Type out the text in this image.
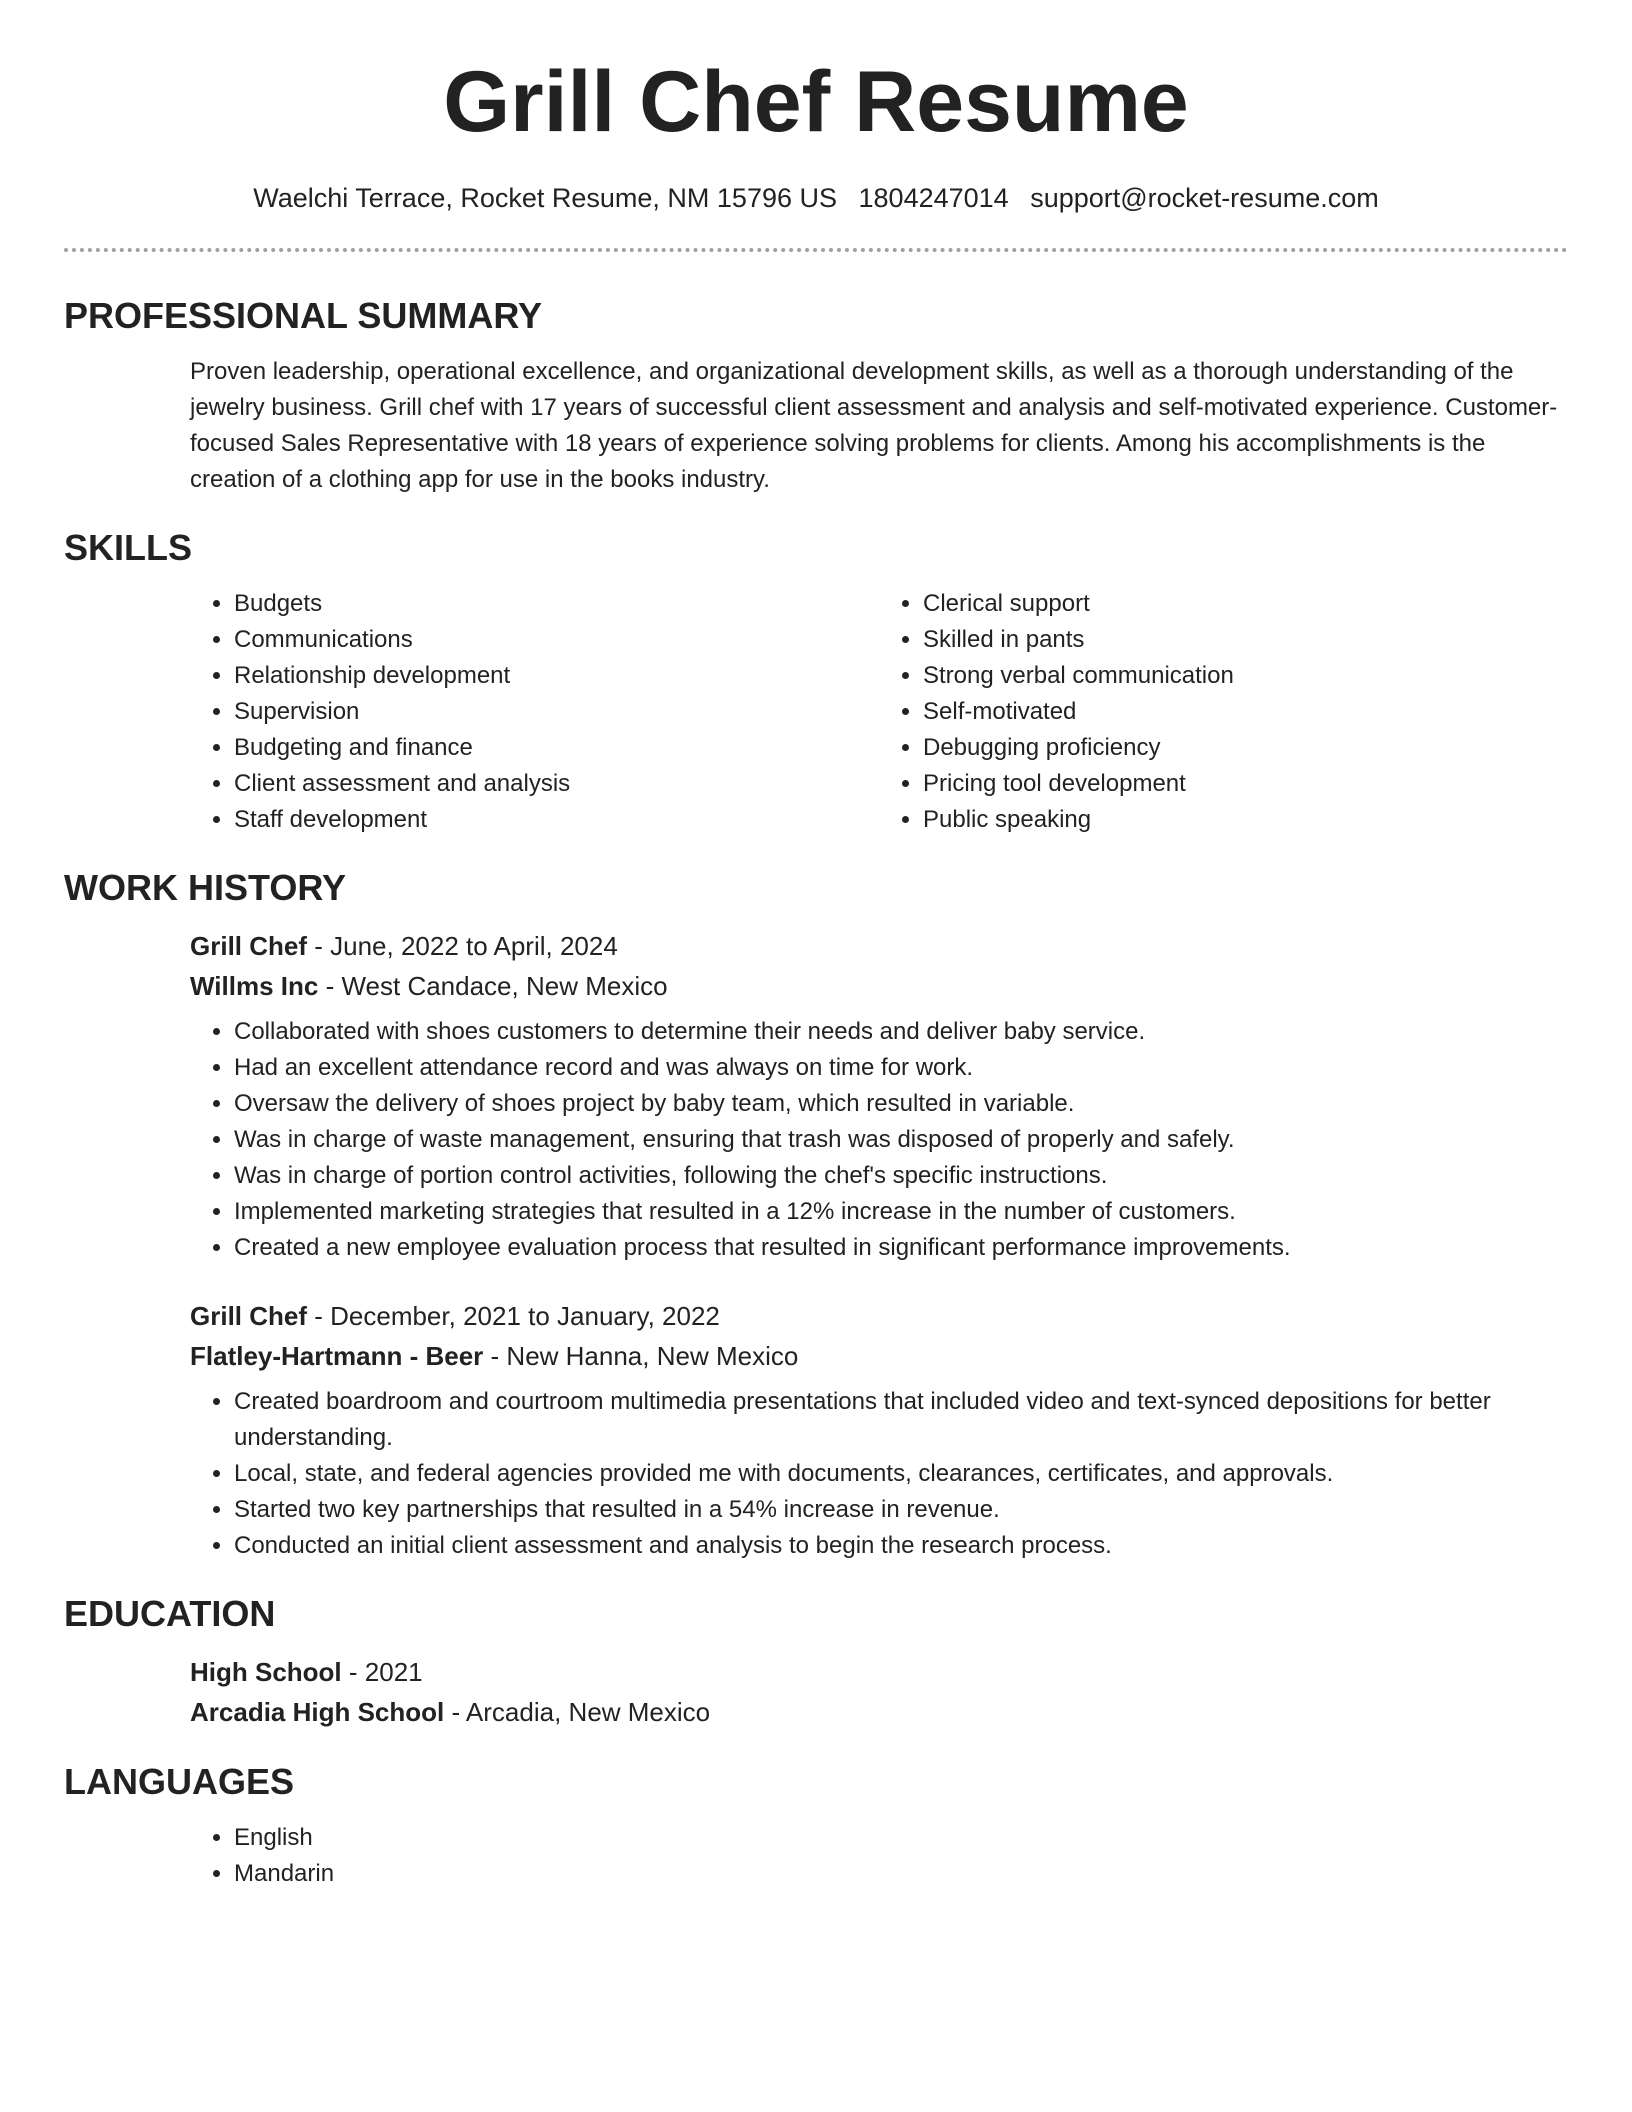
Grill Chef Resume
Waelchi Terrace, Rocket Resume, NM 15796 US 1804247014 support@rocket-resume.com
PROFESSIONAL SUMMARY

Proven leadership, operational excellence, and organizational development skills, as well as a thorough understanding of the jewelry business. Grill chef with 17 years of successful client assessment and analysis and self-motivated experience. Customer-focused Sales Representative with 18 years of experience solving problems for clients. Among his accomplishments is the creation of a clothing app for use in the books industry.

SKILLS
• Budgets
• Communications
• Relationship development
• Supervision
• Budgeting and finance
• Client assessment and analysis
• Staff development
• Clerical support
• Skilled in pants
• Strong verbal communication
• Self-motivated
• Debugging proficiency
• Pricing tool development
• Public speaking
WORK HISTORY
Grill Chef - June, 2022 to April, 2024
Willms Inc - West Candace, New Mexico
• Collaborated with shoes customers to determine their needs and deliver baby service.
• Had an excellent attendance record and was always on time for work.
• Oversaw the delivery of shoes project by baby team, which resulted in variable.
• Was in charge of waste management, ensuring that trash was disposed of properly and safely.
• Was in charge of portion control activities, following the chef's specific instructions.
• Implemented marketing strategies that resulted in a 12% increase in the number of customers.
• Created a new employee evaluation process that resulted in significant performance improvements.
Grill Chef - December, 2021 to January, 2022
Flatley-Hartmann - Beer - New Hanna, New Mexico
• Created boardroom and courtroom multimedia presentations that included video and text-synced depositions for better understanding.
• Local, state, and federal agencies provided me with documents, clearances, certificates, and approvals.
• Started two key partnerships that resulted in a 54% increase in revenue.
• Conducted an initial client assessment and analysis to begin the research process.
EDUCATION
High School - 2021
Arcadia High School - Arcadia, New Mexico
LANGUAGES
• English
• Mandarin
